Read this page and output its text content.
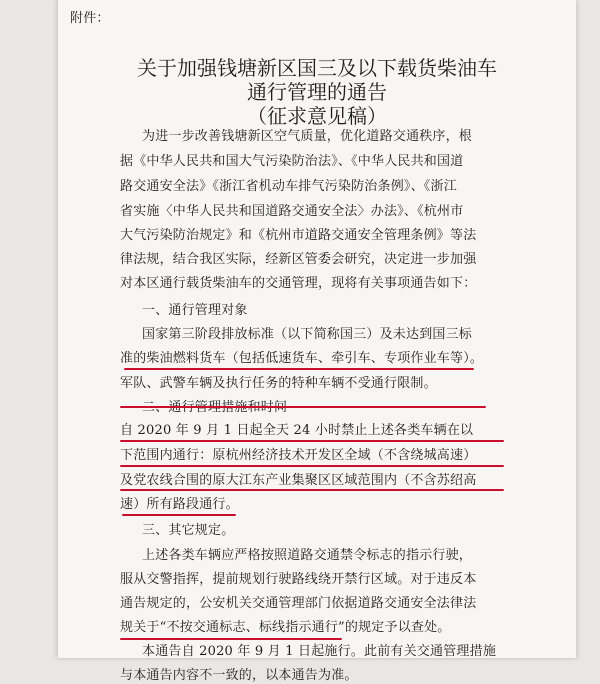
附件：
关于加强钱塘新区国三及以下载货柴油车
通行管理的通告
（征求意见稿）
为进一步改善钱塘新区空气质量，优化道路交通秩序，根
据《中华人民共和国大气污染防治法》、《中华人民共和国道
路交通安全法》《浙江省机动车排气污染防治条例》、《浙江
省实施〈中华人民共和国道路交通安全法〉办法》、《杭州市
大气污染防治规定》和《杭州市道路交通安全管理条例》等法
律法规，结合我区实际，经新区管委会研究，决定进一步加强
对本区通行载货柴油车的交通管理，现将有关事项通告如下：
一、通行管理对象
国家第三阶段排放标准（以下简称国三）及未达到国三标
准的柴油燃料货车（包括低速货车、牵引车、专项作业车等）。
军队、武警车辆及执行任务的特种车辆不受通行限制。
自 2020 年 9 月 1 日起全天 24 小时禁止上述各类车辆在以
下范围内通行：原杭州经济技术开发区全域（不含绕城高速）
及党农线合围的原大江东产业集聚区区域范围内（不含苏绍高
速）所有路段通行。
三、其它规定。
上述各类车辆应严格按照道路交通禁令标志的指示行驶，
服从交警指挥，提前规划行驶路线绕开禁行区域。对于违反本
通告规定的，公安机关交通管理部门依据道路交通安全法律法
规关于“不按交通标志、标线指示通行”的规定予以查处。
本通告自 2020 年 9 月 1 日起施行。此前有关交通管理措施
与本通告内容不一致的，以本通告为准。
